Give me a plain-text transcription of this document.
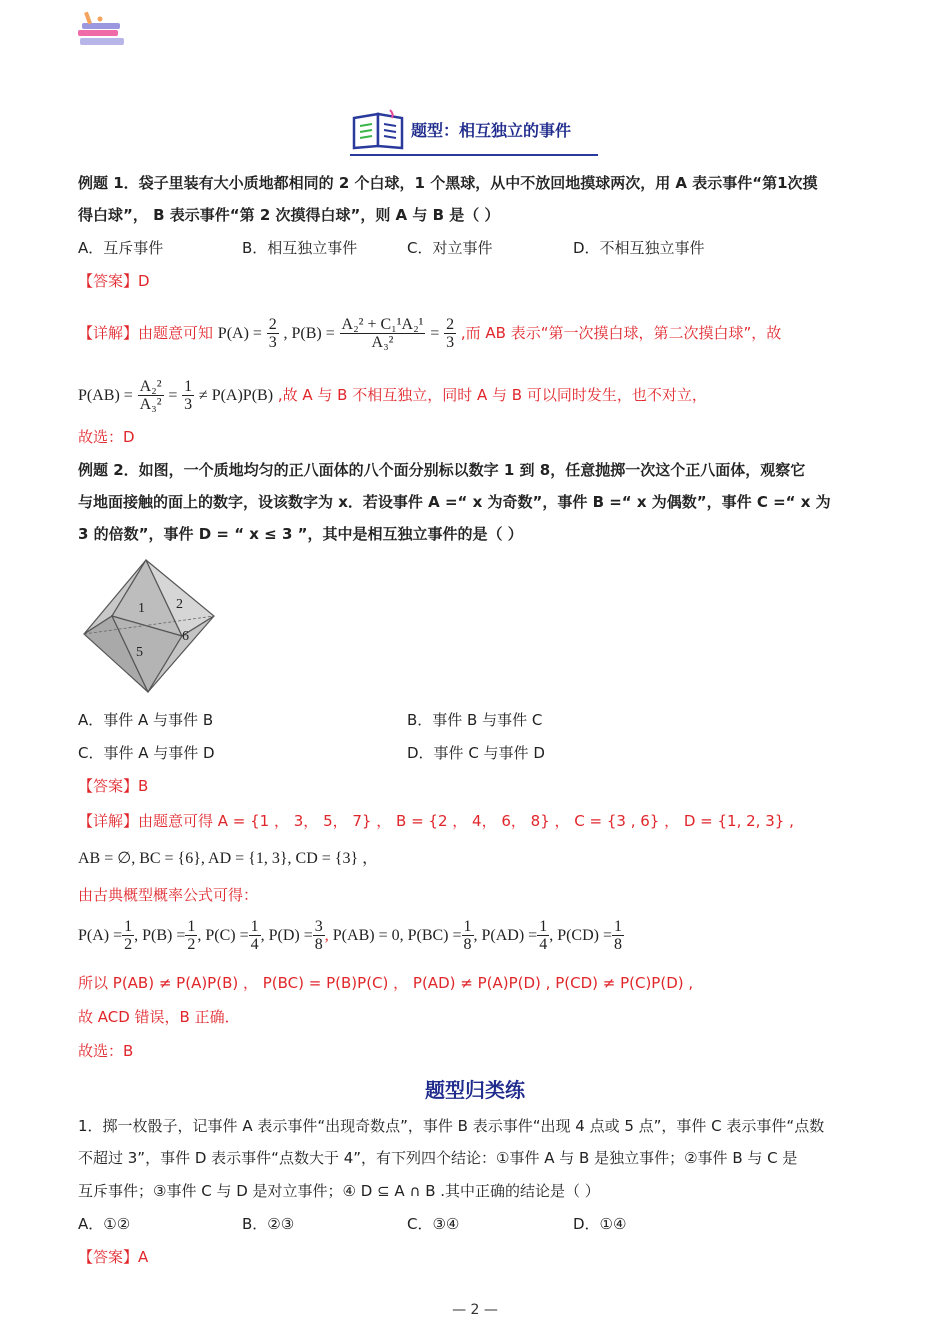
题型：相互独立的事件
例题 1．袋子里装有大小质地都相同的 2 个白球，1 个黑球，从中不放回地摸球两次，用 A 表示事件“第1次摸
得白球”， B 表示事件“第 2 次摸得白球”，则 A 与 B 是（ ）
A．互斥事件	B．相互独立事件	C．对立事件	D．不相互独立事件
【答案】D
【详解】由题意可知 $P(A) = \frac{2}{3}$ , $P(B) = \frac{\text{A₂² + C₁¹A₂¹}}{\text{A₃²}} = \frac{2}{3}$ ,而 AB 表示“第一次摸白球，第二次摸白球”，故
$P(AB) = \frac{\text{A₂²}}{\text{A₃²}} = \frac{1}{3} \ne P(A)P(B)$ ,故 A 与 B 不相互独立，同时 A 与 B 可以同时发生，也不对立，
故选：D
例题 2．如图，一个质地均匀的正八面体的八个面分别标以数字 1 到 8，任意抛掷一次这个正八面体，观察它
与地面接触的面上的数字，设该数字为 x．若设事件 A =“ x 为奇数”，事件 B =“ x 为偶数”，事件 C =“ x 为
3 的倍数”，事件 D = “ x ≤ 3 ”，其中是相互独立事件的是（ ）
1 2
5
6
A．事件 A 与事件 B	B．事件 B 与事件 C
C．事件 A 与事件 D	D．事件 C 与事件 D
【答案】B
【详解】由题意可得 A = {1 ， 3， 5， 7} ， B = {2 ， 4， 6， 8} ， C = {3 , 6} ， D = {1, 2, 3} ,
AB = ∅, BC = {6}, AD = {1, 3}, CD = {3} ，
由古典概型概率公式可得：
$P(A) = \frac{1}{2}$ , $P(B) = \frac{1}{2}$ , $P(C) = \frac{1}{4}$ , $P(D) = \frac{3}{8}$ , P(AB) = 0, $P(BC) = \frac{1}{8}$ , $P(AD) = \frac{1}{4}$ , $P(CD) = \frac{1}{8}$
所以 P(AB) ≠ P(A)P(B) ， P(BC) = P(B)P(C) ， P(AD) ≠ P(A)P(D) , P(CD) ≠ P(C)P(D) ,
故 ACD 错误，B 正确．
故选：B
题型归类练
1．掷一枚骰子，记事件 A 表示事件“出现奇数点”，事件 B 表示事件“出现 4 点或 5 点”，事件 C 表示事件“点数
不超过 3”，事件 D 表示事件“点数大于 4”，有下列四个结论：①事件 A 与 B 是独立事件；②事件 B 与 C 是
互斥事件；③事件 C 与 D 是对立事件；④ D ⊆ A ∩ B .其中正确的结论是（ ）
A．①②	B．②③	C．③④	D．①④
【答案】A
— 2 —
